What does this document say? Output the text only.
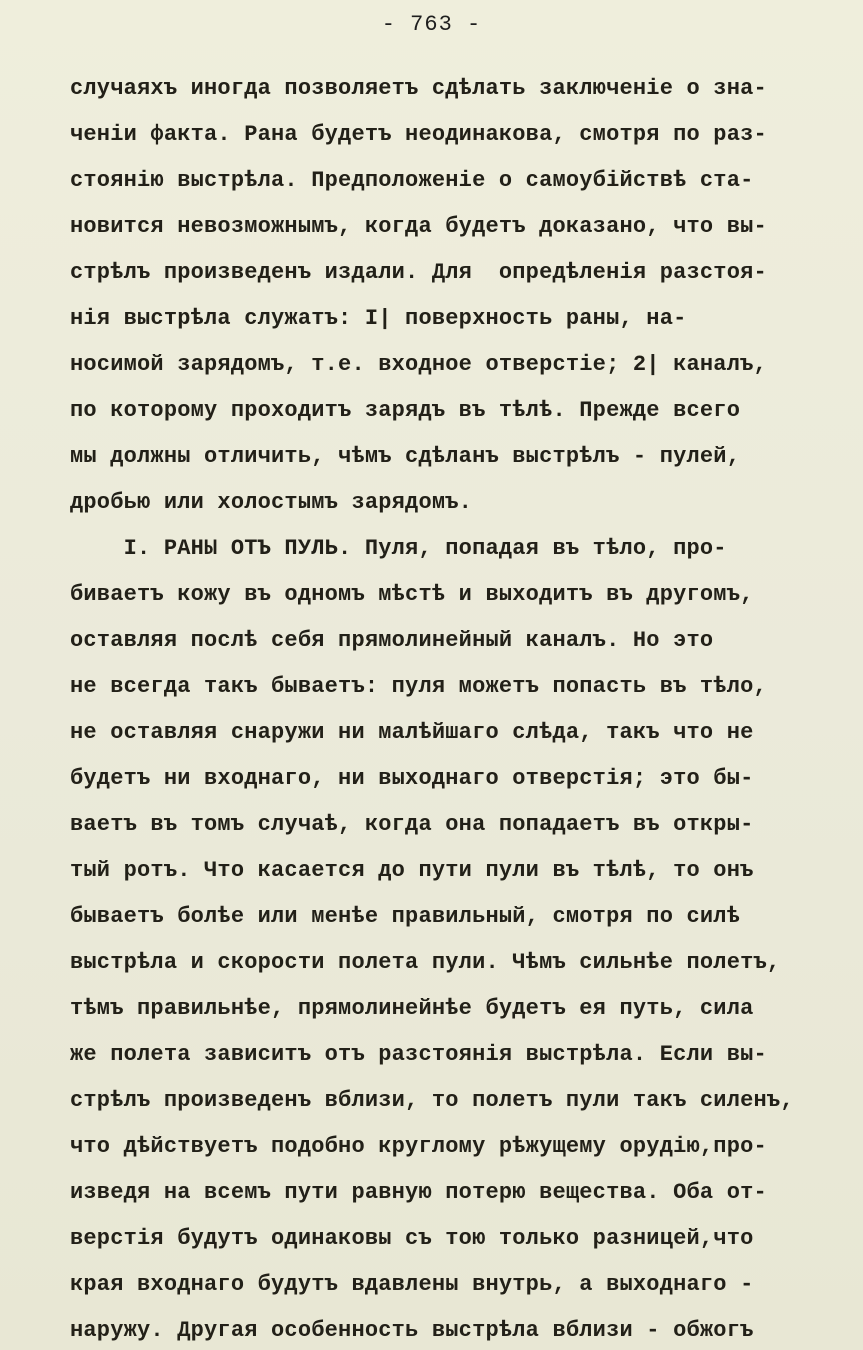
- 763 -
случаяхъ иногда позволяетъ сдѣлать заключеніе о зна-
ченіи факта. Рана будетъ неодинакова, смотря по раз-
стоянію выстрѣла. Предположеніе о самоубійствѣ ста-
новится невозможнымъ, когда будетъ доказано, что вы-
стрѣлъ произведенъ издали. Для  опредѣленія разстоя-
нія выстрѣла служатъ: I| поверхность раны, на-
носимой зарядомъ, т.е. входное отверстіе; 2| каналъ,
по которому проходитъ зарядъ въ тѣлѣ. Прежде всего
мы должны отличить, чѣмъ сдѣланъ выстрѣлъ - пулей,
дробью или холостымъ зарядомъ.
I. РАНЫ ОТЪ ПУЛЬ. Пуля, попадая въ тѣло, про-
биваетъ кожу въ одномъ мѣстѣ и выходитъ въ другомъ,
оставляя послѣ себя прямолинейный каналъ. Но это
не всегда такъ бываетъ: пуля можетъ попасть въ тѣло,
не оставляя снаружи ни малѣйшаго слѣда, такъ что не
будетъ ни входнаго, ни выходнаго отверстія; это бы-
ваетъ въ томъ случаѣ, когда она попадаетъ въ откры-
тый ротъ. Что касается до пути пули въ тѣлѣ, то онъ
бываетъ болѣе или менѣе правильный, смотря по силѣ
выстрѣла и скорости полета пули. Чѣмъ сильнѣе полетъ,
тѣмъ правильнѣе, прямолинейнѣе будетъ ея путь, сила
же полета зависитъ отъ разстоянія выстрѣла. Если вы-
стрѣлъ произведенъ вблизи, то полетъ пули такъ силенъ,
что дѣйствуетъ подобно круглому рѣжущему орудію,про-
изведя на всемъ пути равную потерю вещества. Оба от-
верстія будутъ одинаковы съ тою только разницей,что
края входнаго будутъ вдавлены внутрь, а выходнаго -
наружу. Другая особенность выстрѣла вблизи - обжогъ
